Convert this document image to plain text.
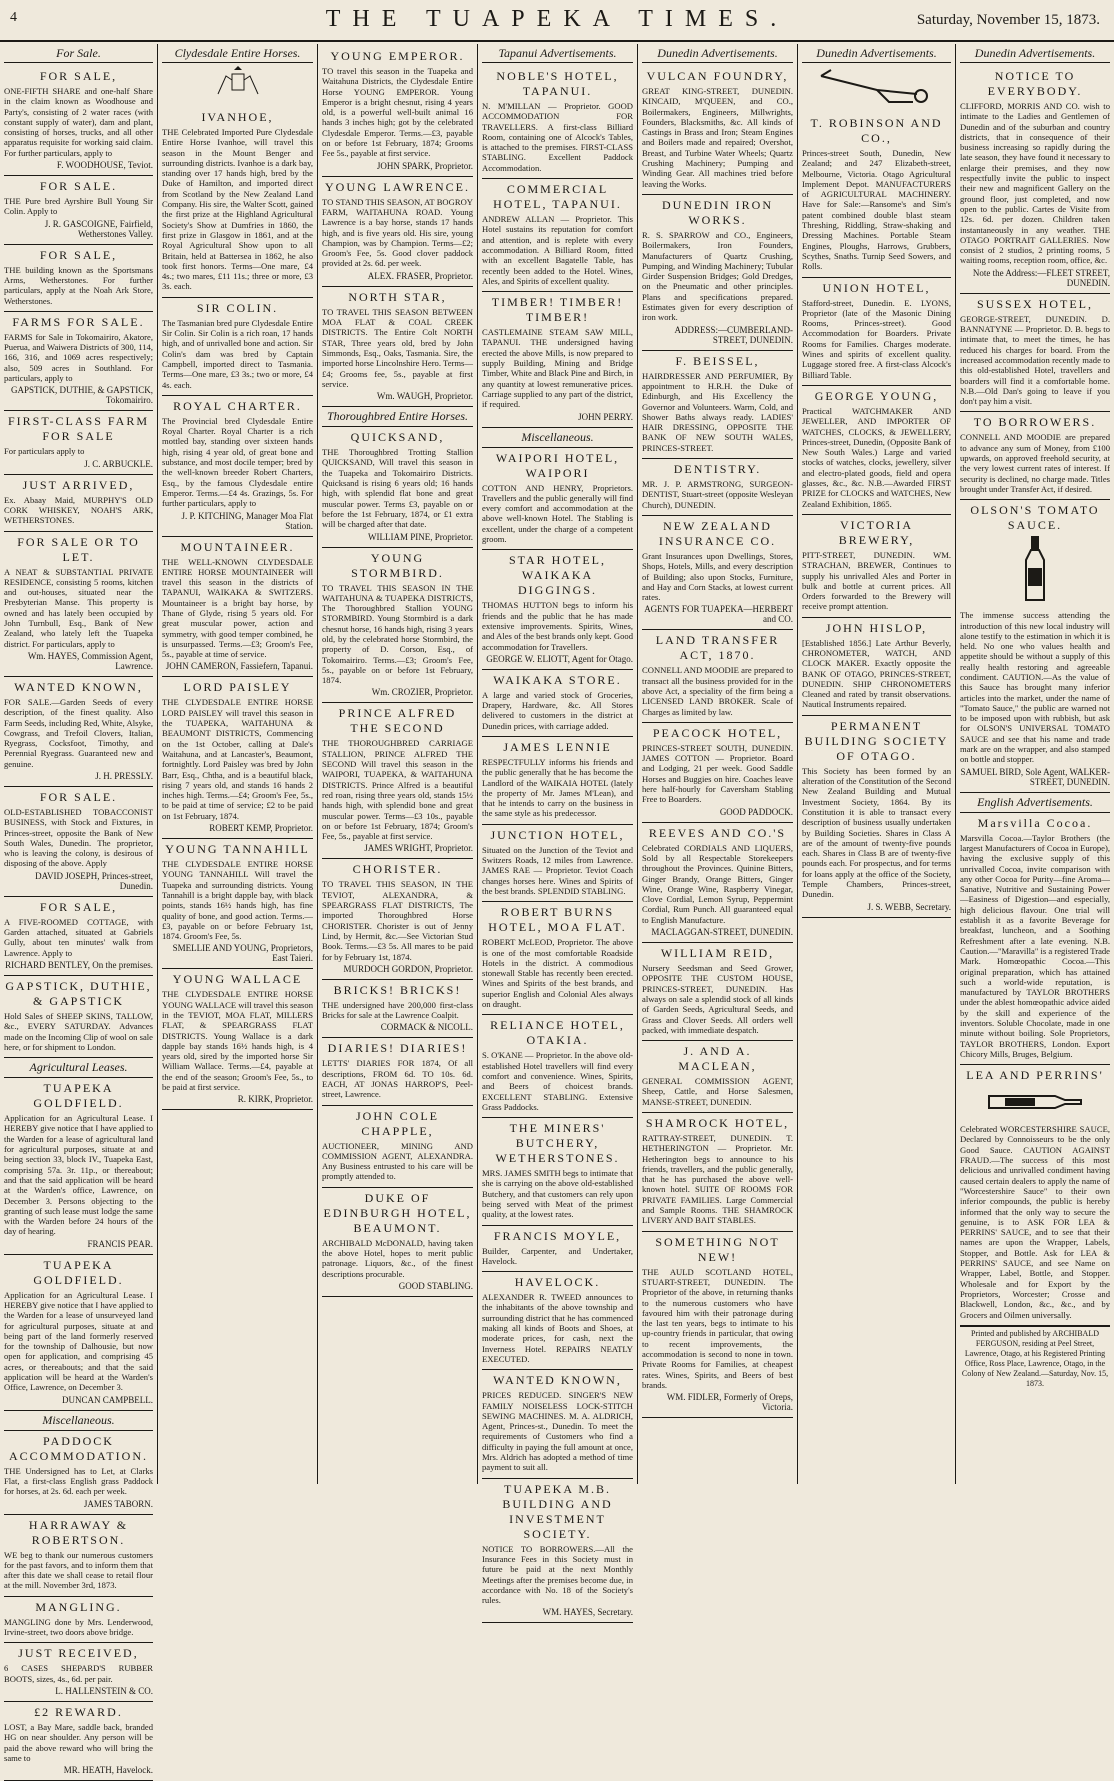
4	THE TUAPEKA TIMES.	Saturday, November 15, 1873.
For Sale.
FOR SALE,

ONE-FIFTH SHARE and one-half Share in the claim known as Woodhouse and Party's, consisting of 2 water races (with constant supply of water), dam and plant, consisting of horses, trucks, and all other apparatus requisite for working said claim. For further particulars, apply to

F. WOODHOUSE, Teviot.
FOR SALE.

THE Pure bred Ayrshire Bull Young Sir Colin. Apply to

J. R. GASCOIGNE, Fairfield, Wetherstones Valley.
FOR SALE,

THE building known as the Sportsmans Arms, Wetherstones. For further particulars, apply at the Noah Ark Store, Wetherstones.

FARMS FOR SALE.

FARMS for Sale in Tokomairiro, Akatore, Puerua, and Waiwera Districts of 300, 114, 166, 316, and 1069 acres respectively; also, 509 acres in Southland. For particulars, apply to

GAPSTICK, DUTHIE, & GAPSTICK, Tokomairiro.
FIRST-CLASS FARM FOR SALE

For particulars apply to

J. C. ARBUCKLE.
JUST ARRIVED,

Ex. Abaay Maid, MURPHY'S OLD CORK WHISKEY, NOAH'S ARK, WETHERSTONES.

FOR SALE OR TO LET.

A NEAT & SUBSTANTIAL PRIVATE RESIDENCE, consisting 5 rooms, kitchen and out-houses, situated near the Presbyterian Manse. This property is owned and has lately been occupied by John Turnbull, Esq., Bank of New Zealand, who lately left the Tuapeka district. For particulars, apply to

Wm. HAYES, Commission Agent, Lawrence.
WANTED KNOWN,

FOR SALE.—Garden Seeds of every description, of the finest quality. Also Farm Seeds, including Red, White, Alsyke, Cowgrass, and Trefoil Clovers, Italian, Ryegrass, Cocksfoot, Timothy, and Perennial Ryegrass. Guaranteed new and genuine.

J. H. PRESSLY.
FOR SALE.

OLD-ESTABLISHED TOBACCONIST BUSINESS, with Stock and Fixtures, in Princes-street, opposite the Bank of New South Wales, Dunedin. The proprietor, who is leaving the colony, is desirous of disposing of the above. Apply

DAVID JOSEPH, Princes-street, Dunedin.
FOR SALE,

A FIVE-ROOMED COTTAGE, with Garden attached, situated at Gabriels Gully, about ten minutes' walk from Lawrence. Apply to

RICHARD BENTLEY, On the premises.
GAPSTICK, DUTHIE, & GAPSTICK

Hold Sales of SHEEP SKINS, TALLOW, &c., EVERY SATURDAY. Advances made on the Incoming Clip of wool on sale here, or for shipment to London.

Agricultural Leases.
TUAPEKA GOLDFIELD.

Application for an Agricultural Lease. I HEREBY give notice that I have applied to the Warden for a lease of agricultural land for agricultural purposes, situate at and being section 33, block IV., Tuapeka East, comprising 57a. 3r. 11p., or thereabout; and that the said application will be heard at the Warden's office, Lawrence, on December 3. Persons objecting to the granting of such lease must lodge the same with the Warden before 24 hours of the day of hearing.

FRANCIS PEAR.
TUAPEKA GOLDFIELD.

Application for an Agricultural Lease. I HEREBY give notice that I have applied to the Warden for a lease of unsurveyed land for agricultural purposes, situate at and being part of the land formerly reserved for the township of Dalhousie, but now open for application, and comprising 45 acres, or thereabouts; and that the said application will be heard at the Warden's Office, Lawrence, on December 3.

DUNCAN CAMPBELL.
Miscellaneous.
PADDOCK ACCOMMODATION.

THE Undersigned has to Let, at Clarks Flat, a first-class English grass Paddock for horses, at 2s. 6d. each per week.

JAMES TABORN.
HARRAWAY & ROBERTSON.

WE beg to thank our numerous customers for the past favors, and to inform them that after this date we shall cease to retail flour at the mill. November 3rd, 1873.

MANGLING.

MANGLING done by Mrs. Lenderwood, Irvine-street, two doors above bridge.

JUST RECEIVED,

6 CASES SHEPARD'S RUBBER BOOTS, sizes, 4s., 6d. per pair.

L. HALLENSTEIN & CO.
£2 REWARD.

LOST, a Bay Mare, saddle back, branded HG on near shoulder. Any person will be paid the above reward who will bring the same to

MR. HEATH, Havelock.
Clydesdale Entire Horses.
IVANHOE,

THE Celebrated Imported Pure Clydesdale Entire Horse Ivanhoe, will travel this season in the Mount Benger and surrounding districts. Ivanhoe is a dark bay, standing over 17 hands high, bred by the Duke of Hamilton, and imported direct from Scotland by the New Zealand Land Company. His sire, the Walter Scott, gained the first prize at the Highland Agricultural Society's Show at Dumfries in 1860, the first prize in Glasgow in 1861, and at the Royal Agricultural Show upon to all Britain, held at Battersea in 1862, he also took first honors. Terms—One mare, £4 4s.; two mares, £11 11s.; three or more, £3 3s. each.

SIR COLIN.

The Tasmanian bred pure Clydesdale Entire Sir Colin. Sir Colin is a rich roan, 17 hands high, and of unrivalled bone and action. Sir Colin's dam was bred by Captain Campbell, imported direct to Tasmania. Terms—One mare, £3 3s.; two or more, £4 4s. each.

ROYAL CHARTER.

The Provincial bred Clydesdale Entire Royal Charter. Royal Charter is a rich mottled bay, standing over sixteen hands high, rising 4 year old, of great bone and substance, and most docile temper; bred by the well-known breeder Robert Charters, Esq., by the famous Clydesdale entire Emperor. Terms.—£4 4s. Grazings, 5s. For further particulars, apply to

J. P. KITCHING, Manager Moa Flat Station.
MOUNTAINEER.

THE WELL-KNOWN CLYDESDALE ENTIRE HORSE MOUNTAINEER will travel this season in the districts of TAPANUI, WAIKAKA & SWITZERS. Mountaineer is a bright bay horse, by Thane of Glyde, rising 5 years old. For great muscular power, action and symmetry, with good temper combined, he is unsurpassed. Terms.—£3; Groom's Fee, 5s., payable at time of service.

JOHN CAMERON, Fassiefern, Tapanui.
LORD PAISLEY

THE CLYDESDALE ENTIRE HORSE LORD PAISLEY will travel this season in the TUAPEKA, WAITAHUNA & BEAUMONT DISTRICTS, Commencing on the 1st October, calling at Dale's Waitahuna, and at Lancaster's, Beaumont, fortnightly. Lord Paisley was bred by John Barr, Esq., Chtha, and is a beautiful black, rising 7 years old, and stands 16 hands 2 inches high. Terms.—£4; Groom's Fee, 5s., to be paid at time of service; £2 to be paid on 1st February, 1874.

ROBERT KEMP, Proprietor.
YOUNG TANNAHILL

THE CLYDESDALE ENTIRE HORSE YOUNG TANNAHILL Will travel the Tuapeka and surrounding districts. Young Tannahill is a bright dapple bay, with black points, stands 16½ hands high, has fine quality of bone, and good action. Terms.—£3, payable on or before February 1st, 1874. Groom's Fee, 5s.

SMELLIE AND YOUNG, Proprietors, East Taieri.
YOUNG WALLACE

THE CLYDESDALE ENTIRE HORSE YOUNG WALLACE will travel this season in the TEVIOT, MOA FLAT, MILLERS FLAT, & SPEARGRASS FLAT DISTRICTS. Young Wallace is a dark dapple bay stands 16½ hands high, is 4 years old, sired by the imported horse Sir William Wallace. Terms.—£4, payable at the end of the season; Groom's Fee, 5s., to be paid at first service.

R. KIRK, Proprietor.
YOUNG EMPEROR.

TO travel this season in the Tuapeka and Waitahuna Districts, the Clydesdale Entire Horse YOUNG EMPEROR. Young Emperor is a bright chesnut, rising 4 years old, is a powerful well-built animal 16 hands 3 inches high; got by the celebrated Clydesdale Emperor. Terms.—£3, payable on or before 1st February, 1874; Grooms Fee 5s., payable at first service.

JOHN SPARK, Proprietor.
YOUNG LAWRENCE.

TO STAND THIS SEASON, AT BOGROY FARM, WAITAHUNA ROAD. Young Lawrence is a bay horse, stands 17 hands high, and is five years old. His sire, young Champion, was by Champion. Terms—£2; Groom's Fee, 5s. Good clover paddock provided at 2s. 6d. per week.

ALEX. FRASER, Proprietor.
NORTH STAR,

TO TRAVEL THIS SEASON BETWEEN MOA FLAT & COAL CREEK DISTRICTS. The Entire Colt NORTH STAR, Three years old, bred by John Simmonds, Esq., Oaks, Tasmania. Sire, the imported horse Lincolnshire Hero. Terms—£4; Grooms fee, 5s., payable at first service.

Wm. WAUGH, Proprietor.
Thoroughbred Entire Horses.
QUICKSAND,

THE Thoroughbred Trotting Stallion QUICKSAND, Will travel this season in the Tuapeka and Tokomairiro Districts. Quicksand is rising 6 years old; 16 hands high, with splendid flat bone and great muscular power. Terms £3, payable on or before the 1st February, 1874, or £1 extra will be charged after that date.

WILLIAM PINE, Proprietor.
YOUNG STORMBIRD.

TO TRAVEL THIS SEASON IN THE WAITAHUNA & TUAPEKA DISTRICTS, The Thoroughbred Stallion YOUNG STORMBIRD. Young Stormbird is a dark chesnut horse, 16 hands high, rising 3 years old, by the celebrated horse Stormbird, the property of D. Corson, Esq., of Tokomairiro. Terms.—£3; Groom's Fee, 5s., payable on or before 1st February, 1874.

Wm. CROZIER, Proprietor.
PRINCE ALFRED THE SECOND

THE THOROUGHBRED CARRIAGE STALLION, PRINCE ALFRED THE SECOND Will travel this season in the WAIPORI, TUAPEKA, & WAITAHUNA DISTRICTS. Prince Alfred is a beautiful red roan, rising three years old, stands 15½ hands high, with splendid bone and great muscular power. Terms—£3 10s., payable on or before 1st February, 1874; Groom's Fee, 5s., payable at first service.

JAMES WRIGHT, Proprietor.
CHORISTER.

TO TRAVEL THIS SEASON, IN THE TEVIOT, ALEXANDRA, & SPEARGRASS FLAT DISTRICTS, The imported Thoroughbred Horse CHORISTER. Chorister is out of Jenny Lind, by Hermit, &c.—See Victorian Stud Book. Terms.—£3 5s. All mares to be paid for by February 1st, 1874.

MURDOCH GORDON, Proprietor.
BRICKS! BRICKS!

THE undersigned have 200,000 first-class Bricks for sale at the Lawrence Coalpit.

CORMACK & NICOLL.
DIARIES! DIARIES!

LETTS' DIARIES FOR 1874, Of all descriptions, FROM 6d. TO 10s. 6d. EACH, AT JONAS HARROP'S, Peel-street, Lawrence.

JOHN COLE CHAPPLE,

AUCTIONEER, MINING AND COMMISSION AGENT, ALEXANDRA. Any Business entrusted to his care will be promptly attended to.

DUKE OF EDINBURGH HOTEL, BEAUMONT.

ARCHIBALD McDONALD, having taken the above Hotel, hopes to merit public patronage. Liquors, &c., of the finest descriptions procurable.

GOOD STABLING.
Tapanui Advertisements.
NOBLE'S HOTEL, TAPANUI.

N. M'MILLAN — Proprietor. GOOD ACCOMMODATION FOR TRAVELLERS. A first-class Billiard Room, containing one of Alcock's Tables, is attached to the premises. FIRST-CLASS STABLING. Excellent Paddock Accommodation.

COMMERCIAL HOTEL, TAPANUI.

ANDREW ALLAN — Proprietor. This Hotel sustains its reputation for comfort and attention, and is replete with every accommodation. A Billiard Room, fitted with an excellent Bagatelle Table, has recently been added to the Hotel. Wines, Ales, and Spirits of excellent quality.

TIMBER! TIMBER! TIMBER!

CASTLEMAINE STEAM SAW MILL, TAPANUI. THE undersigned having erected the above Mills, is now prepared to supply Building, Mining and Bridge Timber, White and Black Pine and Birch, in any quantity at lowest remunerative prices. Carriage supplied to any part of the district, if required.

JOHN PERRY.
Miscellaneous.
WAIPORI HOTEL, WAIPORI

COTTON AND HENRY, Proprietors. Travellers and the public generally will find every comfort and accommodation at the above well-known Hotel. The Stabling is excellent, under the charge of a competent groom.

STAR HOTEL, WAIKAKA DIGGINGS.

THOMAS HUTTON begs to inform his friends and the public that he has made extensive improvements. Spirits, Wines, and Ales of the best brands only kept. Good accommodation for Travellers.

GEORGE W. ELIOTT, Agent for Otago.
WAIKAKA STORE.

A large and varied stock of Groceries, Drapery, Hardware, &c. All Stores delivered to customers in the district at Dunedin prices, with carriage added.

JAMES LENNIE

RESPECTFULLY informs his friends and the public generally that he has become the Landlord of the WAIKAIA HOTEL (lately the property of Mr. James M'Lean), and that he intends to carry on the business in the same style as his predecessor.

JUNCTION HOTEL,

Situated on the Junction of the Teviot and Switzers Roads, 12 miles from Lawrence. JAMES RAE — Proprietor. Teviot Coach changes horses here. Wines and Spirits of the best brands. SPLENDID STABLING.

ROBERT BURNS HOTEL, MOA FLAT.

ROBERT McLEOD, Proprietor. The above is one of the most comfortable Roadside Hotels in the district. A commodious stonewall Stable has recently been erected. Wines and Spirits of the best brands, and superior English and Colonial Ales always on draught.

RELIANCE HOTEL, OTAKIA.

S. O'KANE — Proprietor. In the above old-established Hotel travellers will find every comfort and convenience. Wines, Spirits, and Beers of choicest brands. EXCELLENT STABLING. Extensive Grass Paddocks.

THE MINERS' BUTCHERY, WETHERSTONES.

MRS. JAMES SMITH begs to intimate that she is carrying on the above old-established Butchery, and that customers can rely upon being served with Meat of the primest quality, at the lowest rates.

FRANCIS MOYLE,

Builder, Carpenter, and Undertaker, Havelock.

HAVELOCK.

ALEXANDER R. TWEED announces to the inhabitants of the above township and surrounding district that he has commenced making all kinds of Boots and Shoes, at moderate prices, for cash, next the Inverness Hotel. REPAIRS NEATLY EXECUTED.

WANTED KNOWN,

PRICES REDUCED. SINGER'S NEW FAMILY NOISELESS LOCK-STITCH SEWING MACHINES. M. A. ALDRICH, Agent, Princes-st., Dunedin. To meet the requirements of Customers who find a difficulty in paying the full amount at once, Mrs. Aldrich has adopted a method of time payment to suit all.

TUAPEKA M.B. BUILDING AND INVESTMENT SOCIETY.

NOTICE TO BORROWERS.—All the Insurance Fees in this Society must in future be paid at the next Monthly Meetings after the premises become due, in accordance with No. 18 of the Society's rules.

WM. HAYES, Secretary.
Dunedin Advertisements.
VULCAN FOUNDRY,

GREAT KING-STREET, DUNEDIN. KINCAID, M'QUEEN, and CO., Boilermakers, Engineers, Millwrights, Founders, Blacksmiths, &c. All kinds of Castings in Brass and Iron; Steam Engines and Boilers made and repaired; Overshot, Breast, and Turbine Water Wheels; Quartz Crushing Machinery; Pumping and Winding Gear. All machines tried before leaving the Works.

DUNEDIN IRON WORKS.

R. S. SPARROW and CO., Engineers, Boilermakers, Iron Founders, Manufacturers of Quartz Crushing, Pumping, and Winding Machinery; Tubular Girder Suspension Bridges; Gold Dredges, on the Pneumatic and other principles. Plans and specifications prepared. Estimates given for every description of iron work.

ADDRESS:—CUMBERLAND-STREET, DUNEDIN.
F. BEISSEL,

HAIRDRESSER AND PERFUMIER, By appointment to H.R.H. the Duke of Edinburgh, and His Excellency the Governor and Volunteers. Warm, Cold, and Shower Baths always ready. LADIES' HAIR DRESSING, OPPOSITE THE BANK OF NEW SOUTH WALES, PRINCES-STREET.

DENTISTRY.

MR. J. P. ARMSTRONG, SURGEON-DENTIST, Stuart-street (opposite Wesleyan Church), DUNEDIN.

NEW ZEALAND INSURANCE CO.

Grant Insurances upon Dwellings, Stores, Shops, Hotels, Mills, and every description of Building; also upon Stocks, Furniture, and Hay and Corn Stacks, at lowest current rates.

AGENTS FOR TUAPEKA—HERBERT and CO.
LAND TRANSFER ACT, 1870.

CONNELL AND MOODIE are prepared to transact all the business provided for in the above Act, a speciality of the firm being a LICENSED LAND BROKER. Scale of Charges as limited by law.

PEACOCK HOTEL,

PRINCES-STREET SOUTH, DUNEDIN. JAMES COTTON — Proprietor. Board and Lodging, 21 per week. Good Saddle Horses and Buggies on hire. Coaches leave here half-hourly for Caversham Stabling Free to Boarders.

GOOD PADDOCK.
REEVES AND CO.'S

Celebrated CORDIALS AND LIQUERS, Sold by all Respectable Storekeepers throughout the Provinces. Quinine Bitters, Ginger Brandy, Orange Bitters, Ginger Wine, Orange Wine, Raspberry Vinegar, Clove Cordial, Lemon Syrup, Peppermint Cordial, Rum Punch. All guaranteed equal to English Manufacture.

MACLAGGAN-STREET, DUNEDIN.
WILLIAM REID,

Nursery Seedsman and Seed Grower, OPPOSITE THE CUSTOM HOUSE, PRINCES-STREET, DUNEDIN. Has always on sale a splendid stock of all kinds of Garden Seeds, Agricultural Seeds, and Grass and Clover Seeds. All orders well packed, with immediate despatch.

J. AND A. MACLEAN,

GENERAL COMMISSION AGENT, Sheep, Cattle, and Horse Salesmen, MANSE-STREET, DUNEDIN.

SHAMROCK HOTEL,

RATTRAY-STREET, DUNEDIN. T. HETHERINGTON — Proprietor. Mr. Hetherington begs to announce to his friends, travellers, and the public generally, that he has purchased the above well-known hotel. SUITE OF ROOMS FOR PRIVATE FAMILIES. Large Commercial and Sample Rooms. THE SHAMROCK LIVERY AND BAIT STABLES.

SOMETHING NOT NEW!

THE AULD SCOTLAND HOTEL, STUART-STREET, DUNEDIN. The Proprietor of the above, in returning thanks to the numerous customers who have favoured him with their patronage during the last ten years, begs to intimate to his up-country friends in particular, that owing to recent improvements, the accommodation is second to none in town. Private Rooms for Families, at cheapest rates. Wines, Spirits, and Beers of best brands.

WM. FIDLER, Formerly of Oreps, Victoria.
Dunedin Advertisements.
T. ROBINSON AND CO.,

Princes-street South, Dunedin, New Zealand; and 247 Elizabeth-street, Melbourne, Victoria. Otago Agricultural Implement Depot. MANUFACTURERS of AGRICULTURAL MACHINERY. Have for Sale:—Ransome's and Sim's patent combined double blast steam Threshing, Riddling, Straw-shaking and Dressing Machines. Portable Steam Engines, Ploughs, Harrows, Grubbers, Scythes, Snaths. Turnip Seed Sowers, and Rolls.

UNION HOTEL,

Stafford-street, Dunedin. E. LYONS, Proprietor (late of the Masonic Dining Rooms, Princes-street). Good Accommodation for Boarders. Private Rooms for Families. Charges moderate. Wines and spirits of excellent quality. Luggage stored free. A first-class Alcock's Billiard Table.

GEORGE YOUNG,

Practical WATCHMAKER AND JEWELLER, AND IMPORTER OF WATCHES, CLOCKS, & JEWELLERY, Princes-street, Dunedin, (Opposite Bank of New South Wales.) Large and varied stocks of watches, clocks, jewellery, silver and electro-plated goods, field and opera glasses, &c., &c. N.B.—Awarded FIRST PRIZE for CLOCKS and WATCHES, New Zealand Exhibition, 1865.

VICTORIA BREWERY,

PITT-STREET, DUNEDIN. WM. STRACHAN, BREWER, Continues to supply his unrivalled Ales and Porter in bulk and bottle at current prices. All Orders forwarded to the Brewery will receive prompt attention.

JOHN HISLOP,

[Established 1856.] Late Arthur Beverly, CHRONOMETER, WATCH, AND CLOCK MAKER. Exactly opposite the BANK OF OTAGO, PRINCES-STREET, DUNEDIN. SHIP CHRONOMETERS Cleaned and rated by transit observations. Nautical Instruments repaired.

PERMANENT BUILDING SOCIETY OF OTAGO.

This Society has been formed by an alteration of the Constitution of the Second New Zealand Building and Mutual Investment Society, 1864. By its Constitution it is able to transact every description of business usually undertaken by Building Societies. Shares in Class A are of the amount of twenty-five pounds each. Shares in Class B are of twenty-five pounds each. For prospectus, and for terms for loans apply at the office of the Society, Temple Chambers, Princes-street, Dunedin.

J. S. WEBB, Secretary.
Dunedin Advertisements.
NOTICE TO EVERYBODY.

CLIFFORD, MORRIS AND CO. wish to intimate to the Ladies and Gentlemen of Dunedin and of the suburban and country districts, that in consequence of their business increasing so rapidly during the late season, they have found it necessary to enlarge their premises, and they now respectfully invite the public to inspect their new and magnificent Gallery on the ground floor, just completed, and now open to the public. Cartes de Visite from 12s. 6d. per dozen. Children taken instantaneously in any weather. THE OTAGO PORTRAIT GALLERIES. Now consist of 2 studios, 2 printing rooms, 5 waiting rooms, reception room, office, &c.

Note the Address:—FLEET STREET, DUNEDIN.
SUSSEX HOTEL,

GEORGE-STREET, DUNEDIN. D. BANNATYNE — Proprietor. D. B. begs to intimate that, to meet the times, he has reduced his charges for board. From the increased accommodation recently made to this old-established Hotel, travellers and boarders will find it a comfortable home. N.B.—Old Dan's going to leave if you don't pay him a visit.

TO BORROWERS.

CONNELL AND MOODIE are prepared to advance any sum of Money, from £100 upwards, on approved freehold security, at the very lowest current rates of interest. If security is declined, no charge made. Titles brought under Transfer Act, if desired.

OLSON'S TOMATO SAUCE.

The immense success attending the introduction of this new local industry will alone testify to the estimation in which it is held. No one who values health and appetite should be without a supply of this really health restoring and agreeable condiment. CAUTION.—As the value of this Sauce has brought many inferior articles into the market, under the name of "Tomato Sauce," the public are warned not to be imposed upon with rubbish, but ask for OLSON'S UNIVERSAL TOMATO SAUCE and see that his name and trade mark are on the wrapper, and also stamped on bottle and stopper.

SAMUEL BIRD, Sole Agent, WALKER-STREET, DUNEDIN.
English Advertisements.
Marsvilla Cocoa.

Marsvilla Cocoa.—Taylor Brothers (the largest Manufacturers of Cocoa in Europe), having the exclusive supply of this unrivalled Cocoa, invite comparison with any other Cocoa for Purity—fine Aroma—Sanative, Nutritive and Sustaining Power—Easiness of Digestion—and especially, high delicious flavour. One trial will establish it as a favorite Beverage for breakfast, luncheon, and a Soothing Refreshment after a late evening. N.B. Caution.—"Maravilla" is a registered Trade Mark. Homœopathic Cocoa.—This original preparation, which has attained such a world-wide reputation, is manufactured by TAYLOR BROTHERS under the ablest homœopathic advice aided by the skill and experience of the inventors. Soluble Chocolate, made in one minute without boiling. Sole Proprietors, TAYLOR BROTHERS, London. Export Chicory Mills, Bruges, Belgium.

LEA AND PERRINS'

Celebrated WORCESTERSHIRE SAUCE, Declared by Connoisseurs to be the only Good Sauce. CAUTION AGAINST FRAUD.—The success of this most delicious and unrivalled condiment having caused certain dealers to apply the name of "Worcestershire Sauce" to their own inferior compounds, the public is hereby informed that the only way to secure the genuine, is to ASK FOR LEA & PERRINS' SAUCE, and to see that their names are upon the Wrapper, Labels, Stopper, and Bottle. Ask for LEA & PERRINS' SAUCE, and see Name on Wrapper, Label, Bottle, and Stopper. Wholesale and for Export by the Proprietors, Worcester; Crosse and Blackwell, London, &c., &c., and by Grocers and Oilmen universally.

Printed and published by ARCHIBALD FERGUSON, residing at Peel Street, Lawrence, Otago, at his Registered Printing Office, Ross Place, Lawrence, Otago, in the Colony of New Zealand.—Saturday, Nov. 15, 1873.
